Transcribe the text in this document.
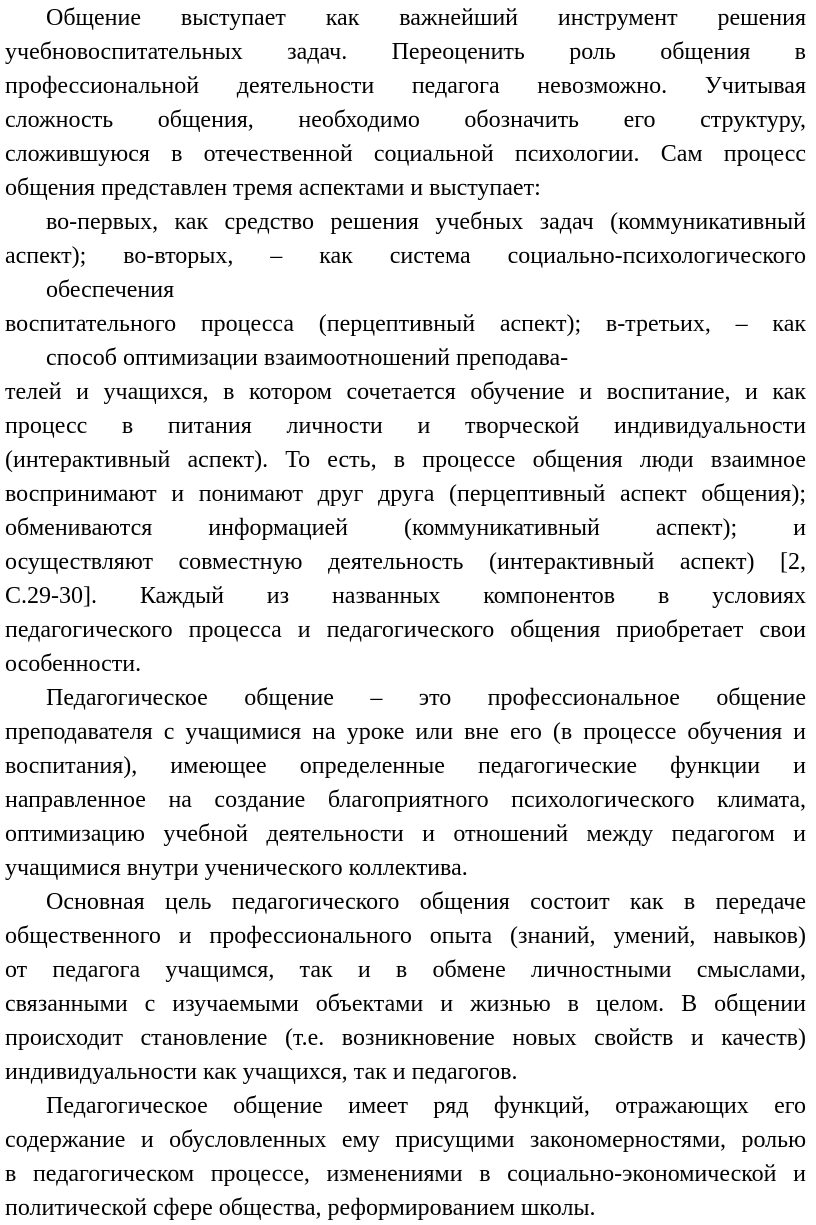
Общение выступает как важнейший инструмент решения
учебновоспитательных задач. Переоценить роль общения в
профессиональной деятельности педагога невозможно. Учитывая
сложность общения, необходимо обозначить его структуру,
сложившуюся в отечественной социальной психологии. Сам процесс
общения представлен тремя аспектами и выступает:
во-первых, как средство решения учебных задач (коммуникативный
аспект); во-вторых, – как система социально-психологического
обеспечения
воспитательного процесса (перцептивный аспект); в-третьих, – как
способ оптимизации взаимоотношений преподава-
телей и учащихся, в котором сочетается обучение и воспитание, и как
процесс в питания личности и творческой индивидуальности
(интерактивный аспект). То есть, в процессе общения люди взаимное
воспринимают и понимают друг друга (перцептивный аспект общения);
обмениваются информацией (коммуникативный аспект); и
осуществляют совместную деятельность (интерактивный аспект) [2,
С.29-30]. Каждый из названных компонентов в условиях
педагогического процесса и педагогического общения приобретает свои
особенности.
Педагогическое общение – это профессиональное общение
преподавателя с учащимися на уроке или вне его (в процессе обучения и
воспитания), имеющее определенные педагогические функции и
направленное на создание благоприятного психологического климата,
оптимизацию учебной деятельности и отношений между педагогом и
учащимися внутри ученического коллектива.
Основная цель педагогического общения состоит как в передаче
общественного и профессионального опыта (знаний, умений, навыков)
от педагога учащимся, так и в обмене личностными смыслами,
связанными с изучаемыми объектами и жизнью в целом. В общении
происходит становление (т.е. возникновение новых свойств и качеств)
индивидуальности как учащихся, так и педагогов.
Педагогическое общение имеет ряд функций, отражающих его
содержание и обусловленных ему присущими закономерностями, ролью
в педагогическом процессе, изменениями в социально-экономической и
политической сфере общества, реформированием школы.
